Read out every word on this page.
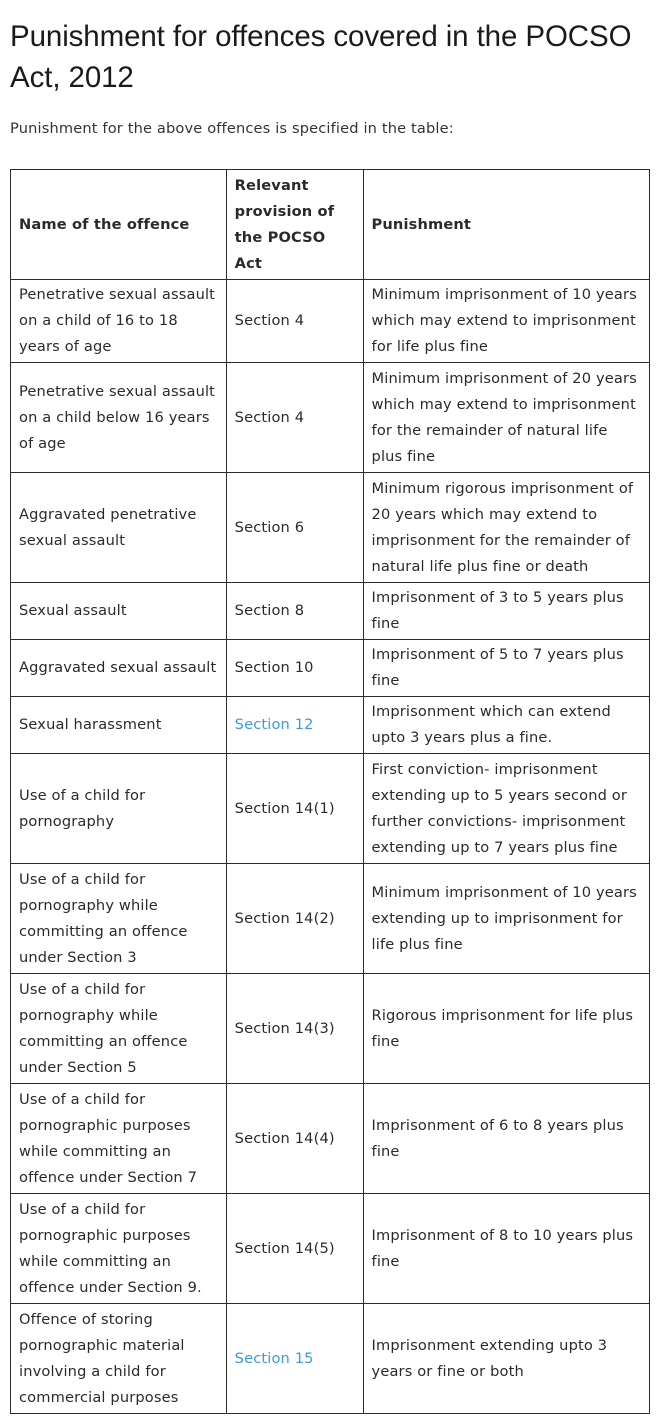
Punishment for offences covered in the POCSO Act, 2012

Punishment for the above offences is specified in the table:

Name of the offence	Relevant provision of the POCSO Act	Punishment
Penetrative sexual assault on a child of 16 to 18 years of age	Section 4	Minimum imprisonment of 10 years which may extend to imprisonment for life plus fine
Penetrative sexual assault on a child below 16 years of age	Section 4	Minimum imprisonment of 20 years which may extend to imprisonment for the remainder of natural life plus fine
Aggravated penetrative sexual assault	Section 6	Minimum rigorous imprisonment of 20 years which may extend to imprisonment for the remainder of natural life plus fine or death
Sexual assault	Section 8	Imprisonment of 3 to 5 years plus fine
Aggravated sexual assault	Section 10	Imprisonment of 5 to 7 years plus fine
Sexual harassment	Section 12	Imprisonment which can extend upto 3 years plus a fine.
Use of a child for pornography	Section 14(1)	First conviction- imprisonment extending up to 5 years second or further convictions- imprisonment extending up to 7 years plus fine
Use of a child for pornography while committing an offence under Section 3	Section 14(2)	Minimum imprisonment of 10 years extending up to imprisonment for life plus fine
Use of a child for pornography while committing an offence under Section 5	Section 14(3)	Rigorous imprisonment for life plus fine
Use of a child for pornographic purposes while committing an offence under Section 7	Section 14(4)	Imprisonment of 6 to 8 years plus fine
Use of a child for pornographic purposes while committing an offence under Section 9.	Section 14(5)	Imprisonment of 8 to 10 years plus fine
Offence of storing pornographic material involving a child for commercial purposes	Section 15	Imprisonment extending upto 3 years or fine or both
